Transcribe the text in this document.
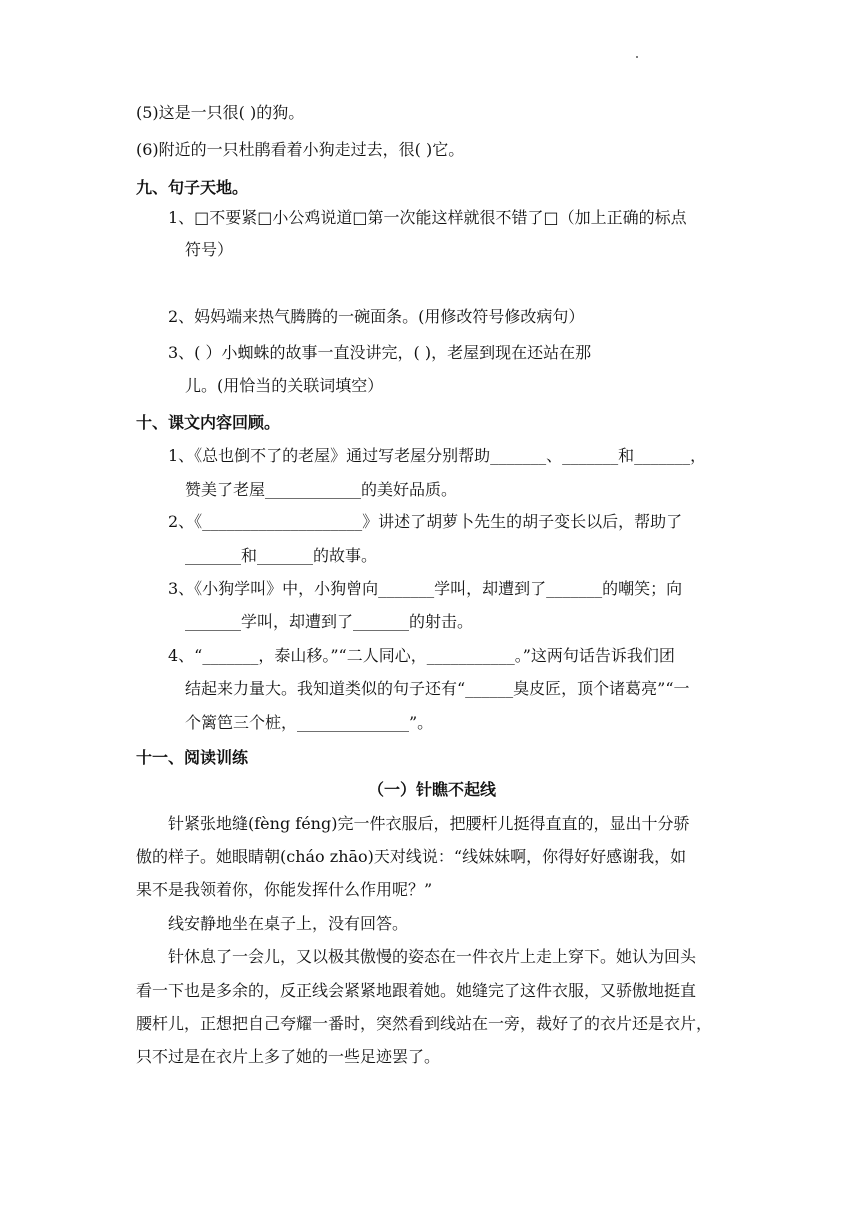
(5)这是一只很( )的狗。
(6)附近的一只杜鹃看着小狗走过去，很( )它。
九、句子天地。
1、□不要紧□小公鸡说道□第一次能这样就很不错了□（加上正确的标点
符号）
2、妈妈端来热气腾腾的一碗面条。(用修改符号修改病句）
3、( ）小蜘蛛的故事一直没讲完，( )，老屋到现在还站在那
儿。(用恰当的关联词填空）
十、课文内容回顾。
1、《总也倒不了的老屋》通过写老屋分别帮助_______、_______和_______，
赞美了老屋____________的美好品质。
2、《____________________》讲述了胡萝卜先生的胡子变长以后，帮助了
_______和_______的故事。
3、《小狗学叫》中，小狗曾向_______学叫，却遭到了_______的嘲笑；向
_______学叫，却遭到了_______的射击。
4、“_______，泰山移。”“二人同心，___________。”这两句话告诉我们团
结起来力量大。我知道类似的句子还有“______臭皮匠，顶个诸葛亮”“一
个篱笆三个桩，______________”。
十一、阅读训练
（一）针瞧不起线
针紧张地缝(fèng féng)完一件衣服后，把腰杆儿挺得直直的，显出十分骄
傲的样子。她眼睛朝(cháo zhāo)天对线说：“线妹妹啊，你得好好感谢我，如
果不是我领着你，你能发挥什么作用呢？”
线安静地坐在桌子上，没有回答。
针休息了一会儿，又以极其傲慢的姿态在一件衣片上走上穿下。她认为回头
看一下也是多余的，反正线会紧紧地跟着她。她缝完了这件衣服，又骄傲地挺直
腰杆儿，正想把自己夸耀一番时，突然看到线站在一旁，裁好了的衣片还是衣片，
只不过是在衣片上多了她的一些足迹罢了。
